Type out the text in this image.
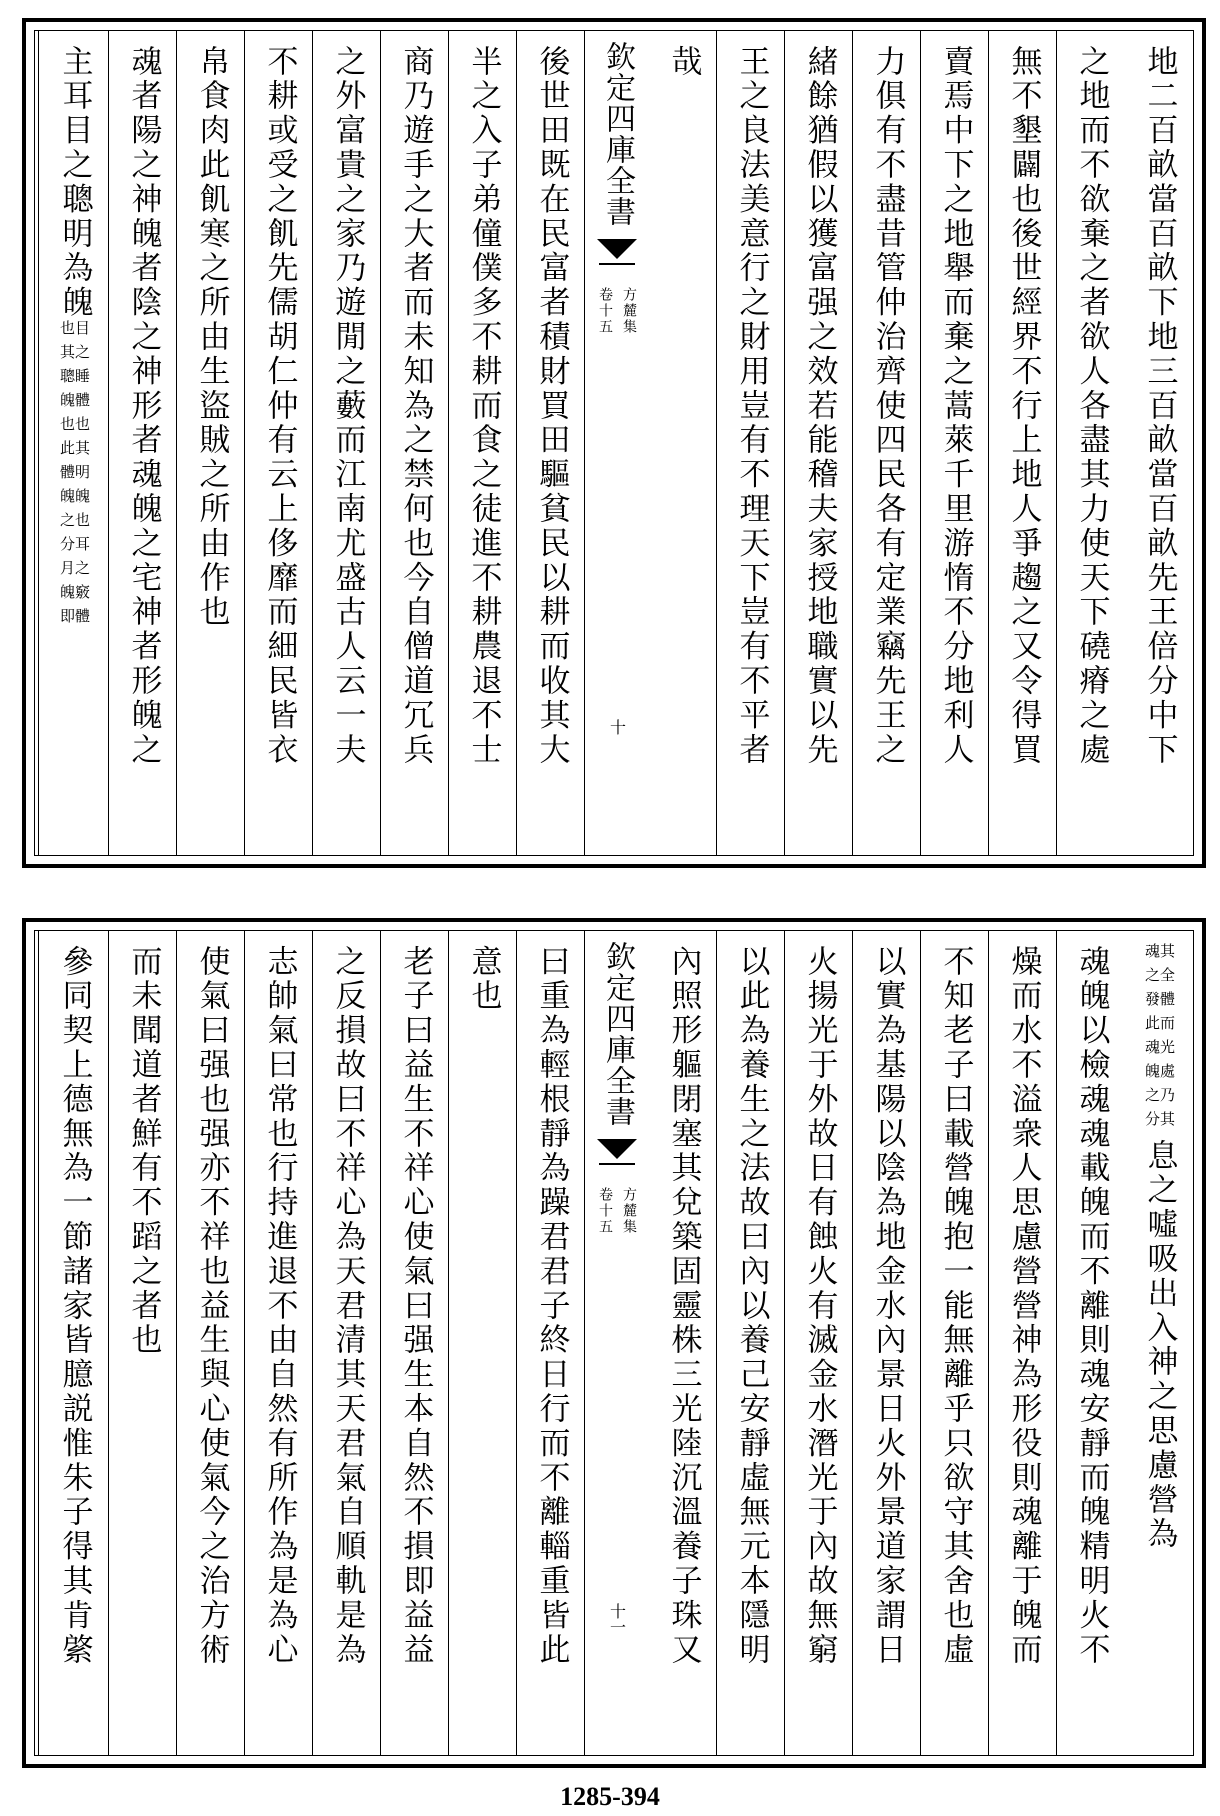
地二百畝當百畝下地三百畝當百畝先王倍分中下
之地而不欲棄之者欲人各盡其力使天下磽瘠之處
無不墾闢也後世經界不行上地人爭趨之又令得買
賣焉中下之地舉而棄之蒿萊千里游惰不分地利人
力俱有不盡昔管仲治齊使四民各有定業竊先王之
緒餘猶假以獲富强之效若能稽夫家授地職實以先
王之良法美意行之財用豈有不理天下豈有不平者
哉
欽定四庫全書
方麓集
卷十五
十
後世田既在民富者積財買田驅貧民以耕而收其大
半之入子弟僮僕多不耕而食之徒進不耕農退不士
商乃遊手之大者而未知為之禁何也今自僧道冗兵
之外富貴之家乃遊閒之藪而江南尤盛古人云一夫
不耕或受之飢先儒胡仁仲有云上侈靡而細民皆衣
帛食肉此飢寒之所由生盜賊之所由作也
魂者陽之神魄者陰之神形者魂魄之宅神者形魄之
主耳目之聰明為魄
目之睡體也其明魄也耳之竅體
也其聰魄也此體魄之分月魄即
其全體而光處乃其
魂之發此魂魄之分
息之噓吸出入神之思慮營為
魂魄以檢魂魂載魄而不離則魂安靜而魄精明火不
燥而水不溢衆人思慮營營神為形役則魂離于魄而
不知老子曰載營魄抱一能無離乎只欲守其舍也虛
以實為基陽以陰為地金水內景日火外景道家謂日
火揚光于外故日有蝕火有滅金水潛光于內故無窮
以此為養生之法故曰內以養己安靜虛無元本隱明
內照形軀閉塞其兌築固靈株三光陸沉溫養子珠又
欽定四庫全書
方麓集
卷十五
十一
曰重為輕根靜為躁君君子終日行而不離輜重皆此
意也
老子曰益生不祥心使氣曰强生本自然不損即益益
之反損故曰不祥心為天君清其天君氣自順軌是為
志帥氣曰常也行持進退不由自然有所作為是為心
使氣曰强也强亦不祥也益生與心使氣今之治方術
而未聞道者鮮有不蹈之者也
參同契上德無為一節諸家皆臆説惟朱子得其肯綮
1285-394
